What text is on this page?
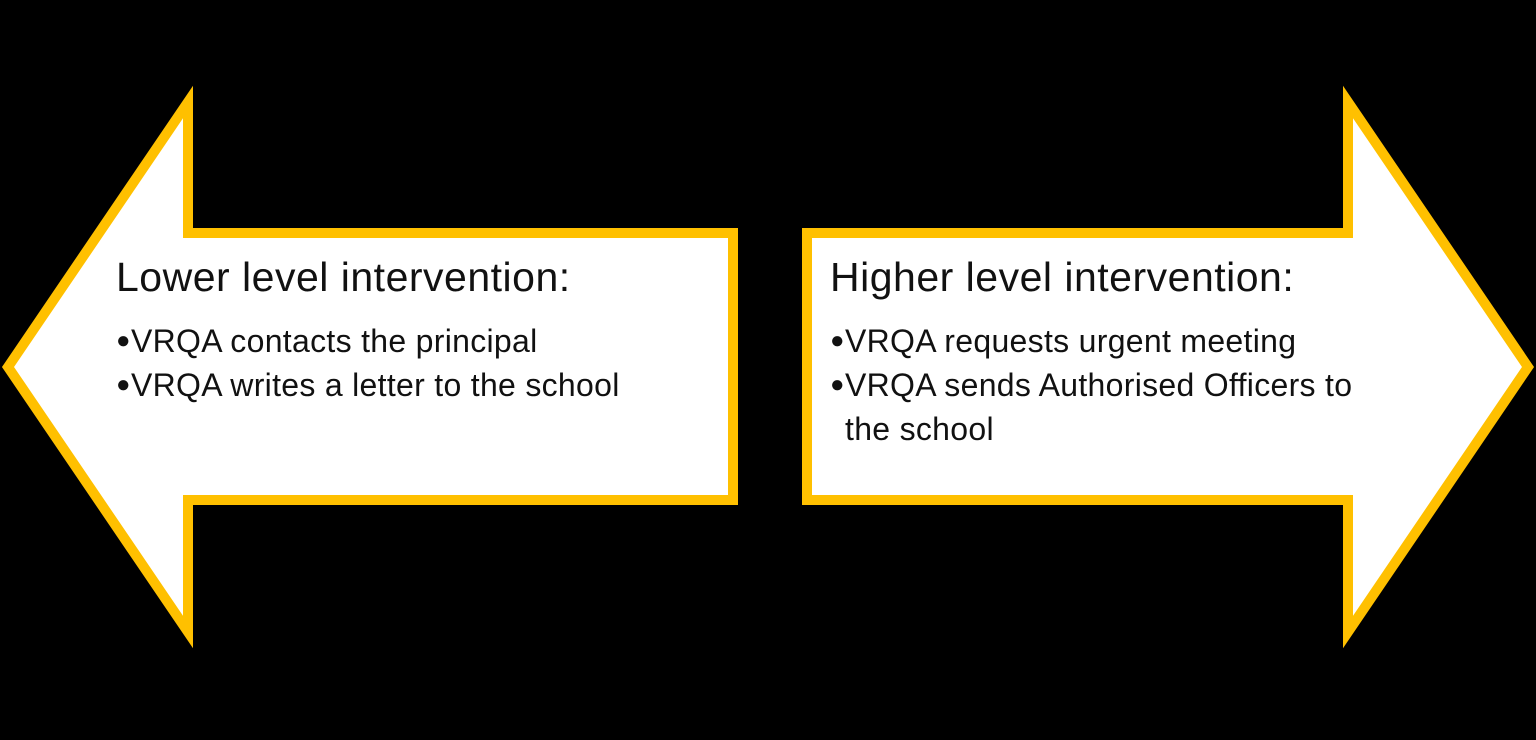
Lower level intervention:
● VRQA contacts the principal
● VRQA writes a letter to the school
Higher level intervention:
● VRQA requests urgent meeting
● VRQA sends Authorised Officers to the school
